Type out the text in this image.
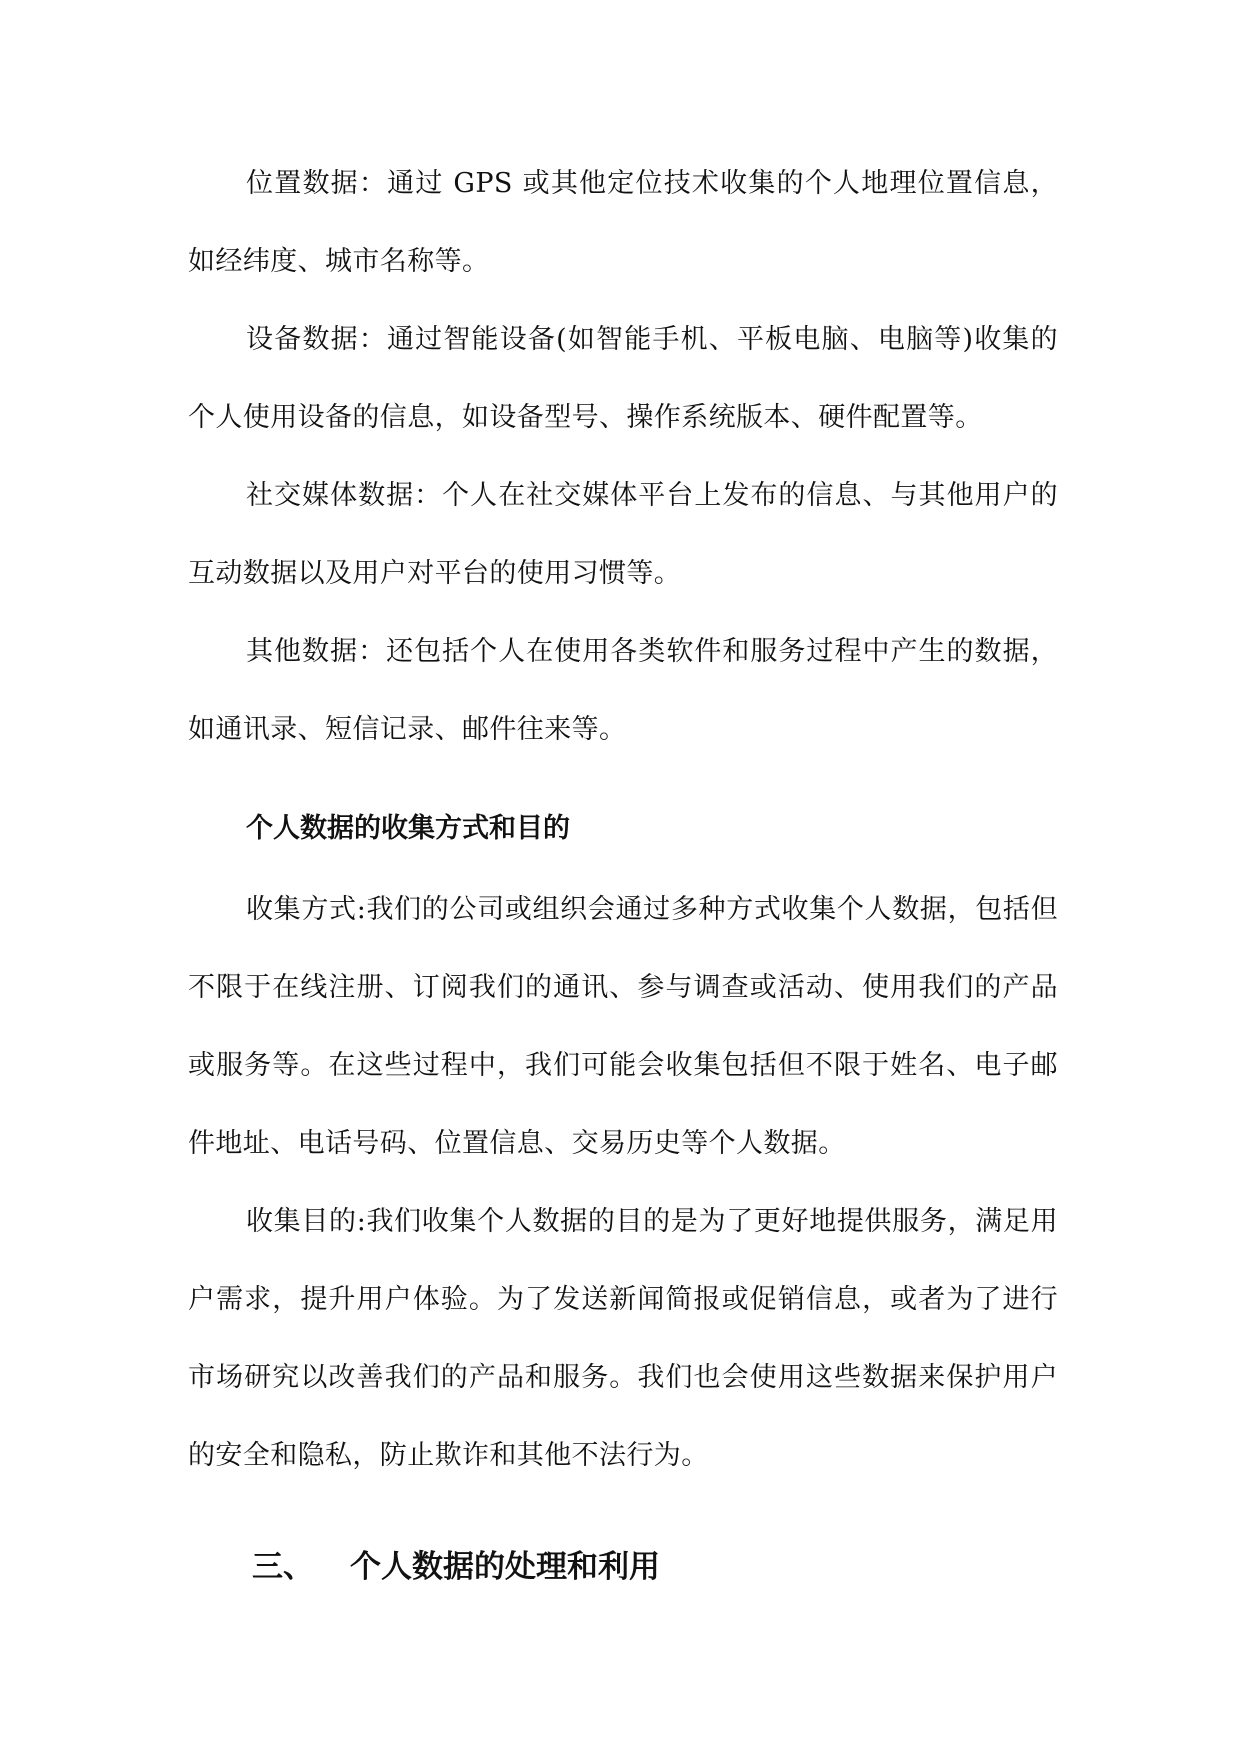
位置数据：通过 GPS 或其他定位技术收集的个人地理位置信息，如经纬度、城市名称等。

设备数据：通过智能设备(如智能手机、平板电脑、电脑等)收集的个人使用设备的信息，如设备型号、操作系统版本、硬件配置等。

社交媒体数据：个人在社交媒体平台上发布的信息、与其他用户的互动数据以及用户对平台的使用习惯等。

其他数据：还包括个人在使用各类软件和服务过程中产生的数据，如通讯录、短信记录、邮件往来等。

个人数据的收集方式和目的

收集方式:我们的公司或组织会通过多种方式收集个人数据，包括但不限于在线注册、订阅我们的通讯、参与调查或活动、使用我们的产品或服务等。在这些过程中，我们可能会收集包括但不限于姓名、电子邮件地址、电话号码、位置信息、交易历史等个人数据。

收集目的:我们收集个人数据的目的是为了更好地提供服务，满足用户需求，提升用户体验。为了发送新闻简报或促销信息，或者为了进行市场研究以改善我们的产品和服务。我们也会使用这些数据来保护用户的安全和隐私，防止欺诈和其他不法行为。

三、 个人数据的处理和利用
